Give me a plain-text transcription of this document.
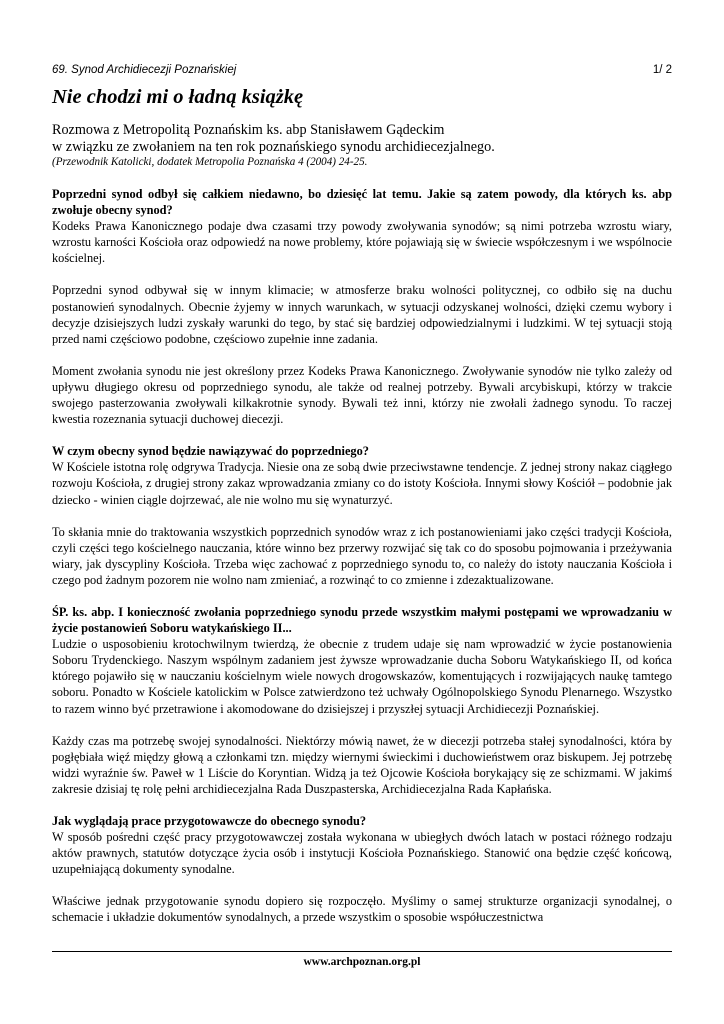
69. Synod Archidiecezji Poznańskiej	1/ 2
Nie chodzi mi o ładną książkę
Rozmowa z Metropolitą Poznańskim ks. abp Stanisławem Gądeckim
w związku ze zwołaniem na ten rok poznańskiego synodu archidiecezjalnego.
(Przewodnik Katolicki, dodatek Metropolia Poznańska 4 (2004) 24-25.
Poprzedni synod odbył się całkiem niedawno, bo dziesięć lat temu. Jakie są zatem powody, dla których ks. abp zwołuje obecny synod?

Kodeks Prawa Kanonicznego podaje dwa czasami trzy powody zwoływania synodów; są nimi potrzeba wzrostu wiary, wzrostu karności Kościoła oraz odpowiedź na nowe problemy, które pojawiają się w świecie współczesnym i we wspólnocie kościelnej.

Poprzedni synod odbywał się w innym klimacie; w atmosferze braku wolności politycznej, co odbiło się na duchu postanowień synodalnych. Obecnie żyjemy w innych warunkach, w sytuacji odzyskanej wolności, dzięki czemu wybory i decyzje dzisiejszych ludzi zyskały warunki do tego, by stać się bardziej odpowiedzialnymi i ludzkimi. W tej sytuacji stoją przed nami częściowo podobne, częściowo zupełnie inne zadania.

Moment zwołania synodu nie jest określony przez Kodeks Prawa Kanonicznego. Zwoływanie synodów nie tylko zależy od upływu długiego okresu od poprzedniego synodu, ale także od realnej potrzeby. Bywali arcybiskupi, którzy w trakcie swojego pasterzowania zwoływali kilkakrotnie synody. Bywali też inni, którzy nie zwołali żadnego synodu. To raczej kwestia rozeznania sytuacji duchowej diecezji.

W czym obecny synod będzie nawiązywać do poprzedniego?

W Kościele istotna rolę odgrywa Tradycja. Niesie ona ze sobą dwie przeciwstawne tendencje. Z jednej strony nakaz ciągłego rozwoju Kościoła, z drugiej strony zakaz wprowadzania zmiany co do istoty Kościoła. Innymi słowy Kościół – podobnie jak dziecko - winien ciągle dojrzewać, ale nie wolno mu się wynaturzyć.

To skłania mnie do traktowania wszystkich poprzednich synodów wraz z ich postanowieniami jako części tradycji Kościoła, czyli części tego kościelnego nauczania, które winno bez przerwy rozwijać się tak co do sposobu pojmowania i przeżywania wiary, jak dyscypliny Kościoła. Trzeba więc zachować z poprzedniego synodu to, co należy do istoty nauczania Kościoła i czego pod żadnym pozorem nie wolno nam zmieniać, a rozwinąć to co zmienne i zdezaktualizowane.

ŚP. ks. abp. I konieczność zwołania poprzedniego synodu przede wszystkim małymi postępami we wprowadzaniu w życie postanowień Soboru watykańskiego II...

Ludzie o usposobieniu krotochwilnym twierdzą, że obecnie z trudem udaje się nam wprowadzić w życie postanowienia Soboru Trydenckiego. Naszym wspólnym zadaniem jest żywsze wprowadzanie ducha Soboru Watykańskiego II, od końca którego pojawiło się w nauczaniu kościelnym wiele nowych drogowskazów, komentujących i rozwijających naukę tamtego soboru. Ponadto w Kościele katolickim w Polsce zatwierdzono też uchwały Ogólnopolskiego Synodu Plenarnego. Wszystko to razem winno być przetrawione i akomodowane do dzisiejszej i przyszłej sytuacji Archidiecezji Poznańskiej.

Każdy czas ma potrzebę swojej synodalności. Niektórzy mówią nawet, że w diecezji potrzeba stałej synodalności, która by pogłębiała więź między głową a członkami tzn. między wiernymi świeckimi i duchowieństwem oraz biskupem. Jej potrzebę widzi wyraźnie św. Paweł w 1 Liście do Koryntian. Widzą ja też Ojcowie Kościoła borykający się ze schizmami. W jakimś zakresie dzisiaj tę rolę pełni archidiecezjalna Rada Duszpasterska, Archidiecezjalna Rada Kapłańska.

Jak wyglądają prace przygotowawcze do obecnego synodu?

W sposób pośredni część pracy przygotowawczej została wykonana w ubiegłych dwóch latach w postaci różnego rodzaju aktów prawnych, statutów dotyczące życia osób i instytucji Kościoła Poznańskiego. Stanowić ona będzie część końcową, uzupełniającą dokumenty synodalne.

Właściwe jednak przygotowanie synodu dopiero się rozpoczęło. Myślimy o samej strukturze organizacji synodalnej, o schemacie i układzie dokumentów synodalnych, a przede wszystkim o sposobie współuczestnictwa

www.archpoznan.org.pl
